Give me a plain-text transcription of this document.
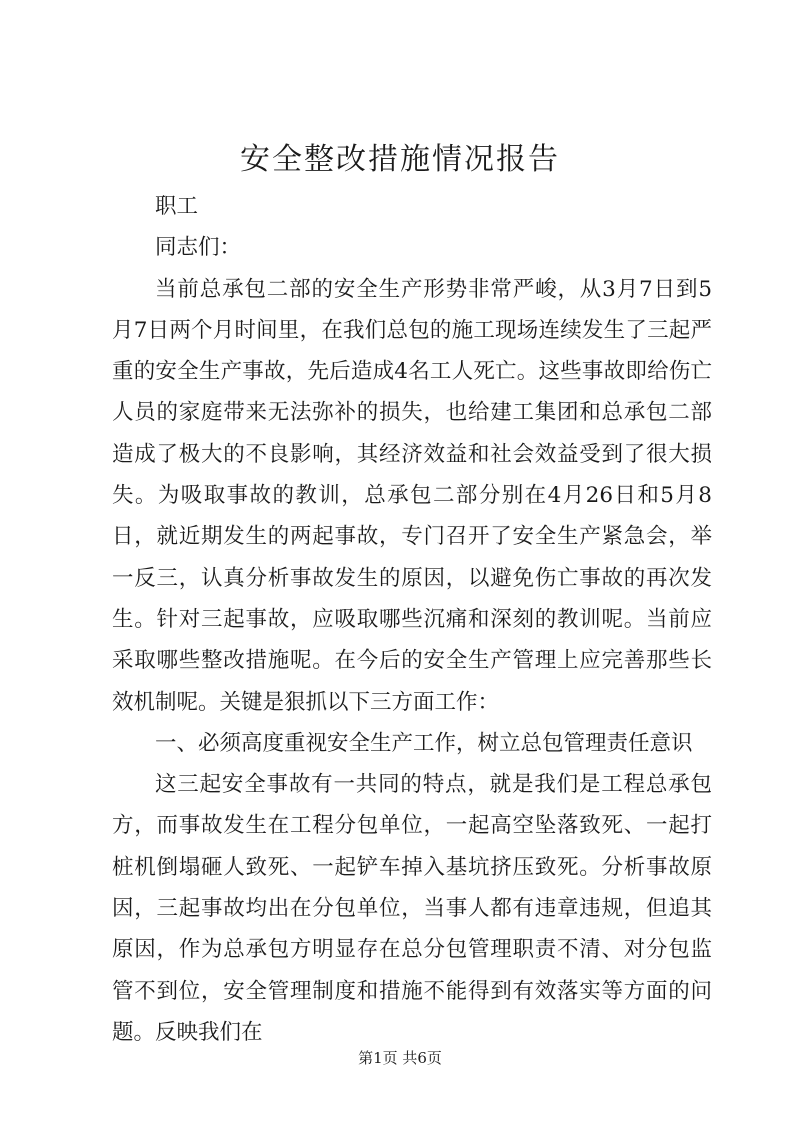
安全整改措施情况报告

职工

同志们：

当前总承包二部的安全生产形势非常严峻，从3月7日到5月7日两个月时间里，在我们总包的施工现场连续发生了三起严重的安全生产事故，先后造成4名工人死亡。这些事故即给伤亡人员的家庭带来无法弥补的损失，也给建工集团和总承包二部造成了极大的不良影响，其经济效益和社会效益受到了很大损失。为吸取事故的教训，总承包二部分别在4月26日和5月8日，就近期发生的两起事故，专门召开了安全生产紧急会，举一反三，认真分析事故发生的原因，以避免伤亡事故的再次发生。针对三起事故，应吸取哪些沉痛和深刻的教训呢。当前应采取哪些整改措施呢。在今后的安全生产管理上应完善那些长效机制呢。关键是狠抓以下三方面工作：

一、必须高度重视安全生产工作，树立总包管理责任意识

这三起安全事故有一共同的特点，就是我们是工程总承包方，而事故发生在工程分包单位，一起高空坠落致死、一起打桩机倒塌砸人致死、一起铲车掉入基坑挤压致死。分析事故原因，三起事故均出在分包单位，当事人都有违章违规，但追其原因，作为总承包方明显存在总分包管理职责不清、对分包监管不到位，安全管理制度和措施不能得到有效落实等方面的问题。反映我们在

第1页 共6页
